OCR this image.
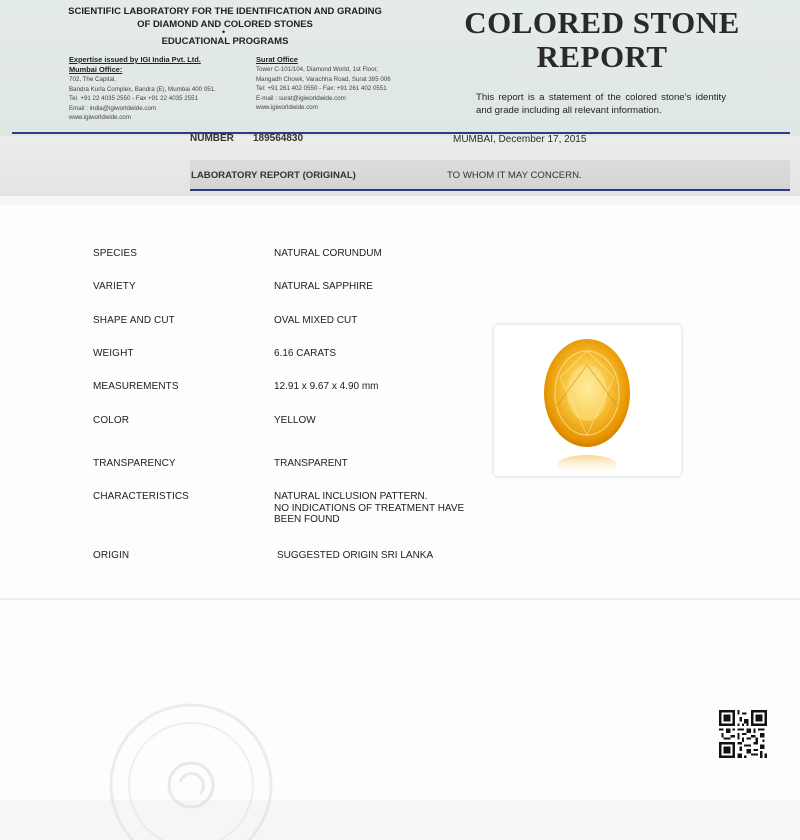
SCIENTIFIC LABORATORY FOR THE IDENTIFICATION AND GRADING
OF DIAMOND AND COLORED STONES
•
EDUCATIONAL PROGRAMS
Expertise issued by IGI India Pvt. Ltd.
Mumbai Office:
702, The Capital,
Bandra Kurla Complex, Bandra (E), Mumbai 400 051.
Tel. +91 22 4035 2550 - Fax +91 22 4035 2551
Email : india@igiworldwide.com
www.igiworldwide.com
Surat Office
Tower C-101/104, Diamond World, 1st Floor,
Mangadh Chowk, Varachha Road, Surat 395 006
Tel: +91 261 402 0550 - Fax: +91 261 402 0551
E-mail : surat@igiworldwide.com
www.igiworldwide.com
COLORED STONE
REPORT
This report is a statement of the colored stone's identity and grade including all relevant information.
NUMBER 189564830	MUMBAI, December 17, 2015
LABORATORY REPORT (ORIGINAL)	TO WHOM IT MAY CONCERN.
SPECIES	NATURAL CORUNDUM
VARIETY	NATURAL SAPPHIRE
SHAPE AND CUT	OVAL MIXED CUT
WEIGHT	6.16 CARATS
MEASUREMENTS	12.91 x 9.67 x 4.90 mm
COLOR	YELLOW
TRANSPARENCY	TRANSPARENT
CHARACTERISTICS	NATURAL INCLUSION PATTERN.
NO INDICATIONS OF TREATMENT HAVE
BEEN FOUND
ORIGIN	SUGGESTED ORIGIN SRI LANKA
